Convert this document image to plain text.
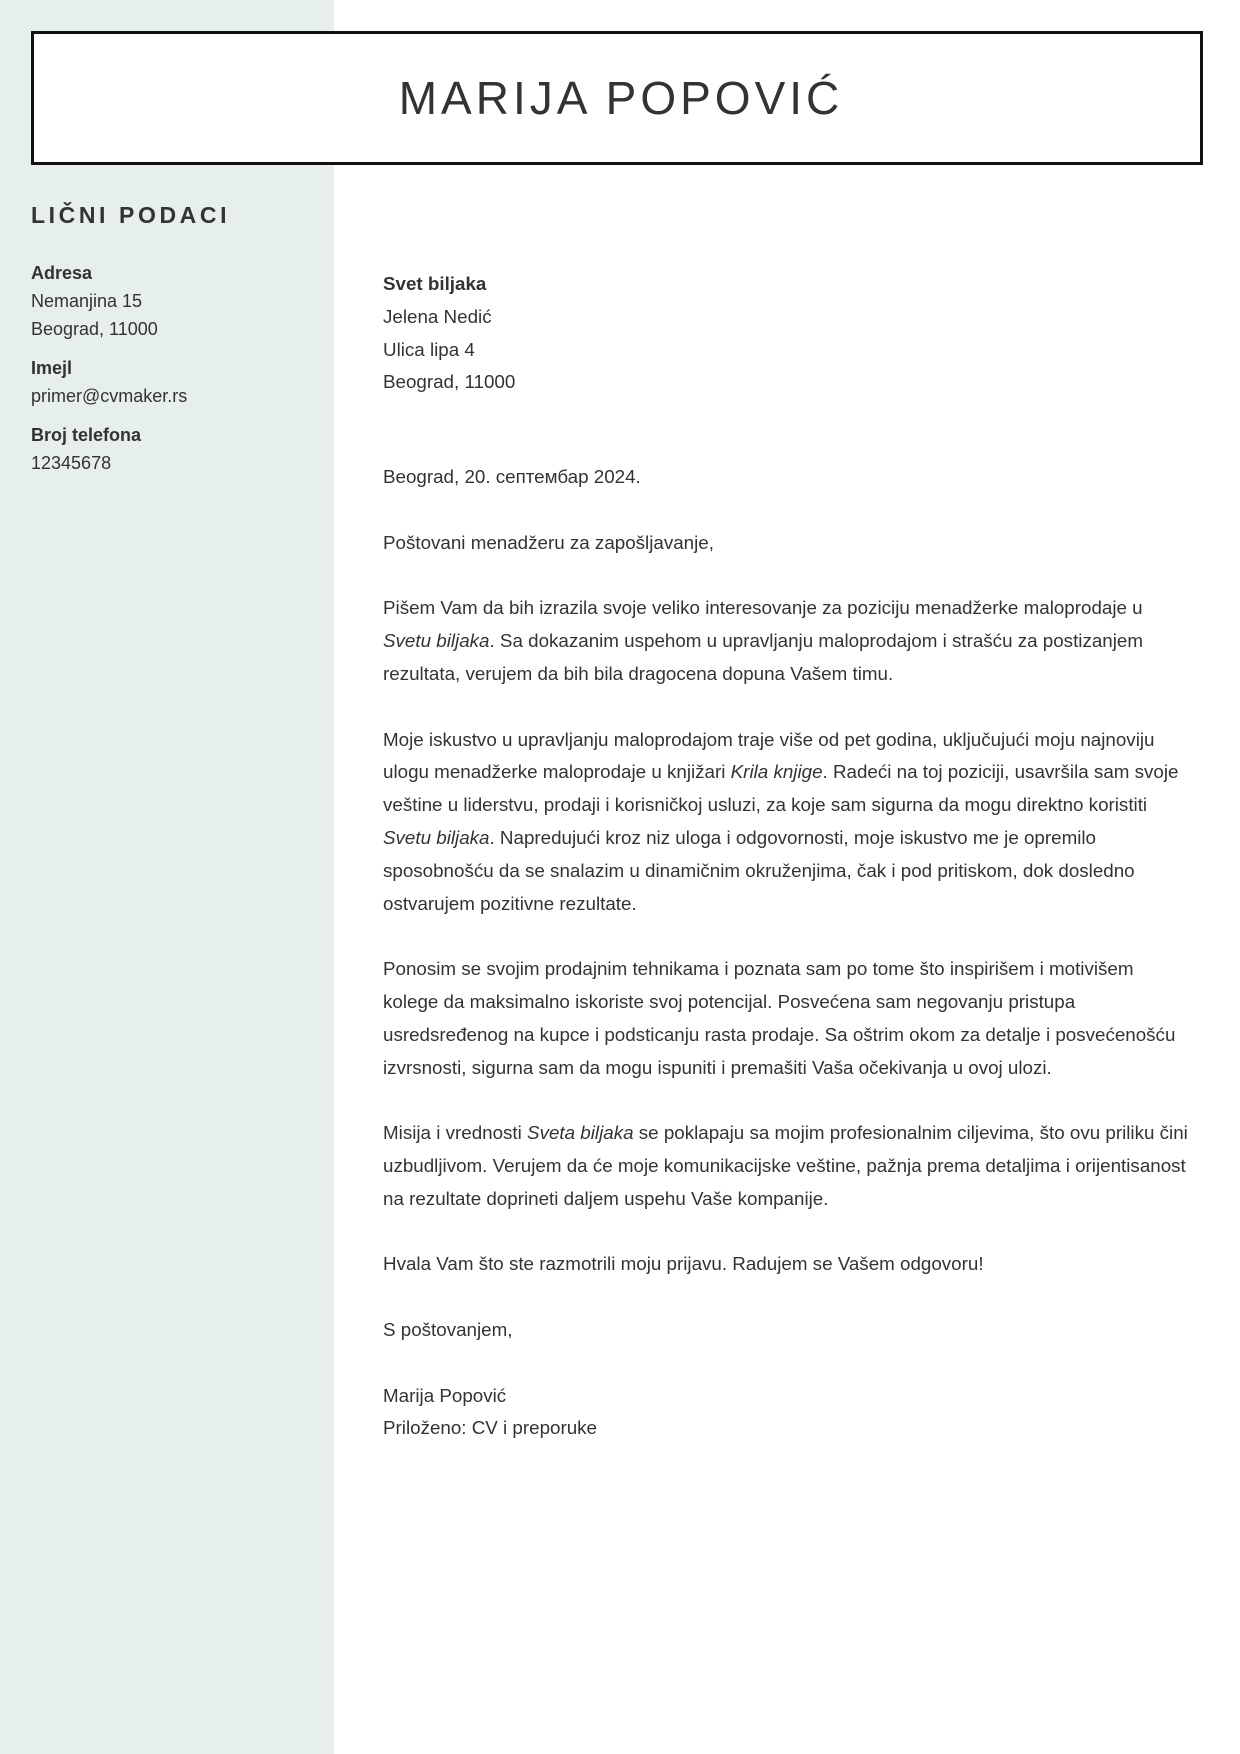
MARIJA POPOVIĆ
LIČNI PODACI

Adresa

Nemanjina 15

Beograd, 11000

Imejl

primer@cvmaker.rs

Broj telefona

12345678

Svet biljaka

Jelena Nedić

Ulica lipa 4

Beograd, 11000

Beograd, 20. септембар 2024.

Poštovani menadžeru za zapošljavanje,

Pišem Vam da bih izrazila svoje veliko interesovanje za poziciju menadžerke maloprodaje u Svetu biljaka. Sa dokazanim uspehom u upravljanju maloprodajom i strašću za postizanjem rezultata, verujem da bih bila dragocena dopuna Vašem timu.

Moje iskustvo u upravljanju maloprodajom traje više od pet godina, uključujući moju najnoviju ulogu menadžerke maloprodaje u knjižari Krila knjige. Radeći na toj poziciji, usavršila sam svoje veštine u liderstvu, prodaji i korisničkoj usluzi, za koje sam sigurna da mogu direktno koristiti Svetu biljaka. Napredujući kroz niz uloga i odgovornosti, moje iskustvo me je opremilo sposobnošću da se snalazim u dinamičnim okruženjima, čak i pod pritiskom, dok dosledno ostvarujem pozitivne rezultate.

Ponosim se svojim prodajnim tehnikama i poznata sam po tome što inspirišem i motivišem kolege da maksimalno iskoriste svoj potencijal. Posvećena sam negovanju pristupa usredsređenog na kupce i podsticanju rasta prodaje. Sa oštrim okom za detalje i posvećenošću izvrsnosti, sigurna sam da mogu ispuniti i premašiti Vaša očekivanja u ovoj ulozi.

Misija i vrednosti Sveta biljaka se poklapaju sa mojim profesionalnim ciljevima, što ovu priliku čini uzbudljivom. Verujem da će moje komunikacijske veštine, pažnja prema detaljima i orijentisanost na rezultate doprineti daljem uspehu Vaše kompanije.

Hvala Vam što ste razmotrili moju prijavu. Radujem se Vašem odgovoru!

S poštovanjem,

Marija Popović

Priloženo: CV i preporuke
